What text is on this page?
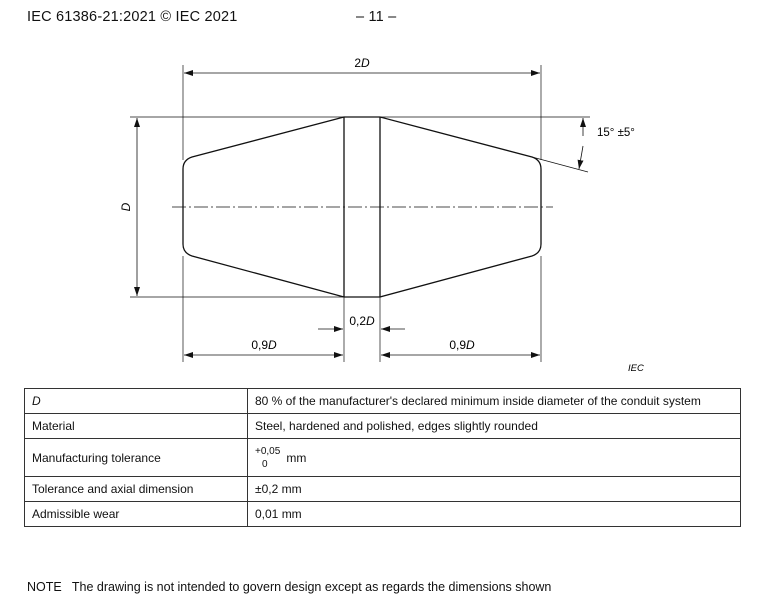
IEC 61386-21:2021 © IEC 2021	– 11 –
2D
D
15° ±5°
0,2D
0,9D	0,9D
IEC
D	80 % of the manufacturer's declared minimum inside diameter of the conduit system
Material	Steel, hardened and polished, edges slightly rounded
Manufacturing tolerance	+0,05
0 mm
Tolerance and axial dimension	±0,2 mm
Admissible wear	0,01 mm
NOTE   The drawing is not intended to govern design except as regards the dimensions shown
